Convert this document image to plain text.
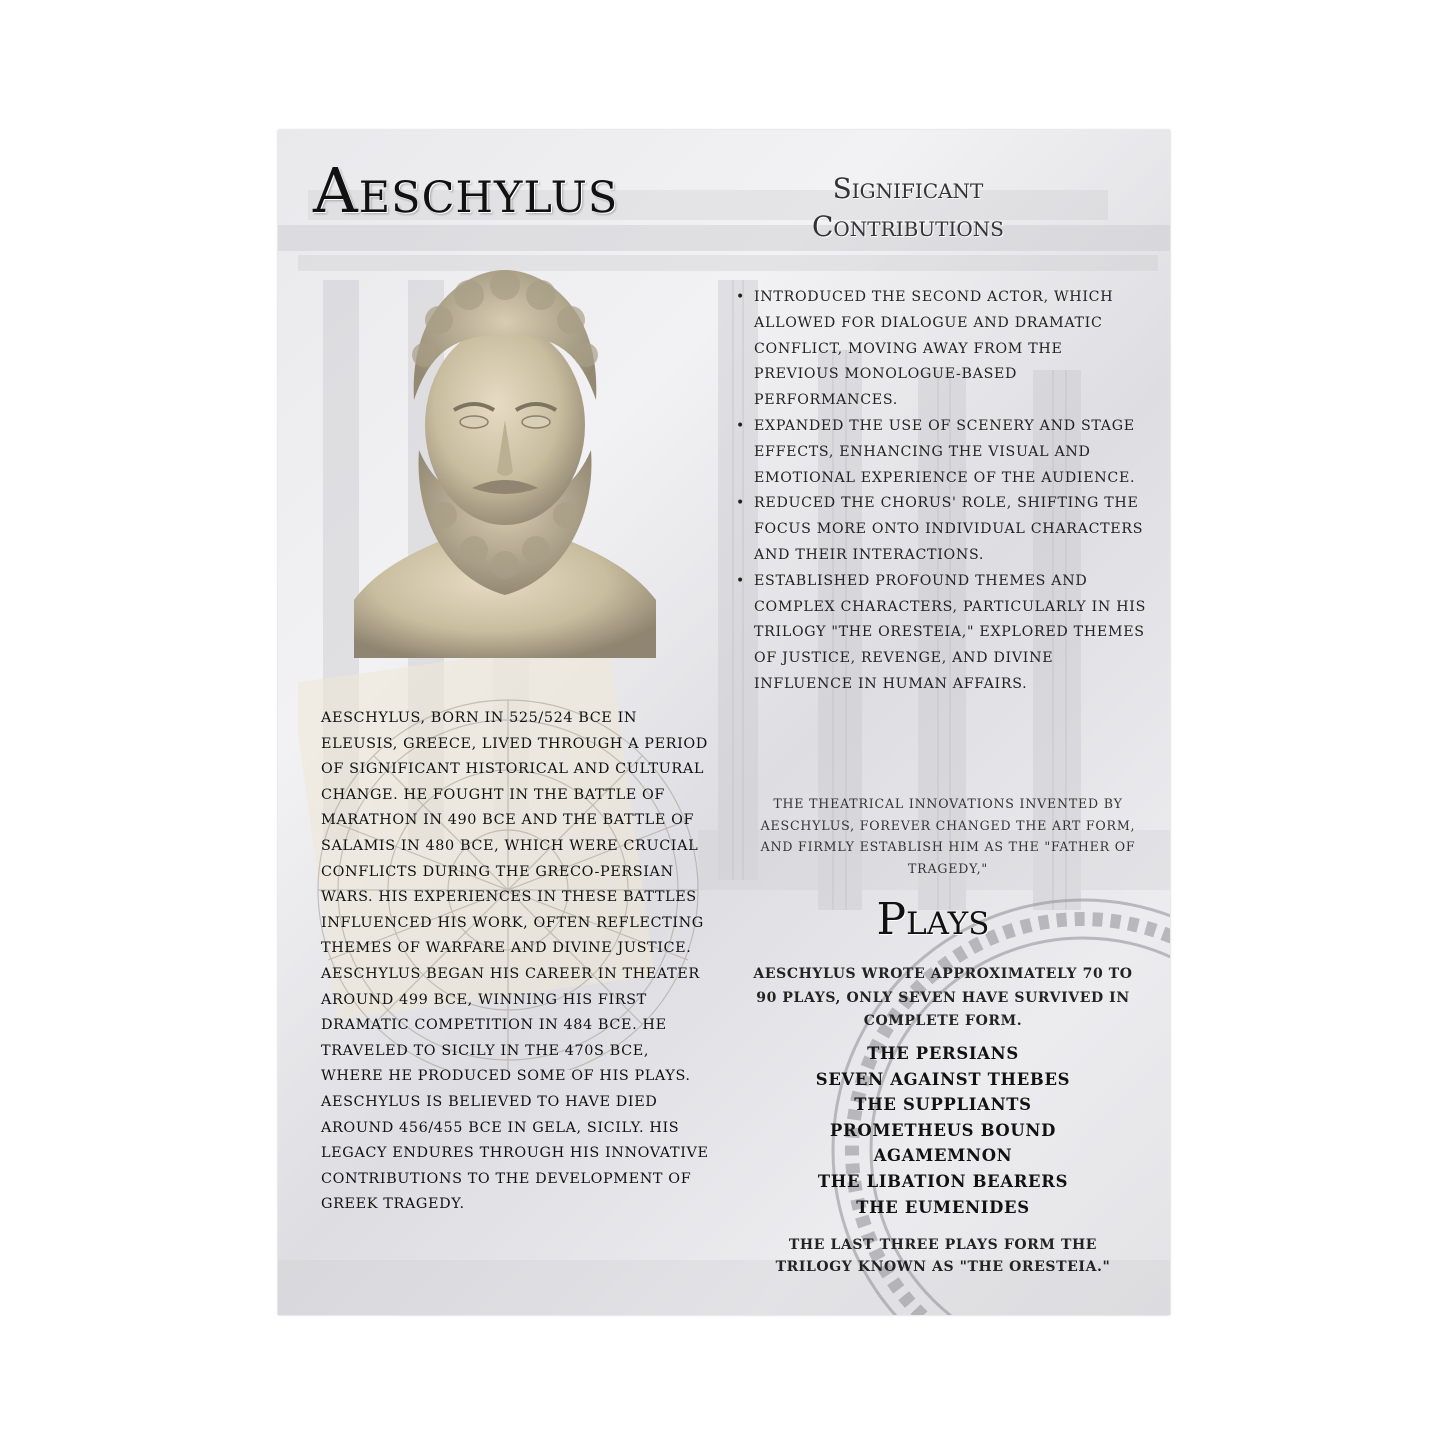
Aeschylus

AESCHYLUS, BORN IN 525/524 BCE IN ELEUSIS, GREECE, LIVED THROUGH A PERIOD OF SIGNIFICANT HISTORICAL AND CULTURAL CHANGE. HE FOUGHT IN THE BATTLE OF MARATHON IN 490 BCE AND THE BATTLE OF SALAMIS IN 480 BCE, WHICH WERE CRUCIAL CONFLICTS DURING THE GRECO-PERSIAN WARS. HIS EXPERIENCES IN THESE BATTLES INFLUENCED HIS WORK, OFTEN REFLECTING THEMES OF WARFARE AND DIVINE JUSTICE. AESCHYLUS BEGAN HIS CAREER IN THEATER AROUND 499 BCE, WINNING HIS FIRST DRAMATIC COMPETITION IN 484 BCE. HE TRAVELED TO SICILY IN THE 470S BCE, WHERE HE PRODUCED SOME OF HIS PLAYS. AESCHYLUS IS BELIEVED TO HAVE DIED AROUND 456/455 BCE IN GELA, SICILY. HIS LEGACY ENDURES THROUGH HIS INNOVATIVE CONTRIBUTIONS TO THE DEVELOPMENT OF GREEK TRAGEDY.

Significant
Contributions
• INTRODUCED THE SECOND ACTOR, WHICH ALLOWED FOR DIALOGUE AND DRAMATIC CONFLICT, MOVING AWAY FROM THE PREVIOUS MONOLOGUE-BASED PERFORMANCES.
• EXPANDED THE USE OF SCENERY AND STAGE EFFECTS, ENHANCING THE VISUAL AND EMOTIONAL EXPERIENCE OF THE AUDIENCE.
• REDUCED THE CHORUS' ROLE, SHIFTING THE FOCUS MORE ONTO INDIVIDUAL CHARACTERS AND THEIR INTERACTIONS.
• ESTABLISHED PROFOUND THEMES AND COMPLEX CHARACTERS, PARTICULARLY IN HIS TRILOGY "THE ORESTEIA," EXPLORED THEMES OF JUSTICE, REVENGE, AND DIVINE INFLUENCE IN HUMAN AFFAIRS.

THE THEATRICAL INNOVATIONS INVENTED BY AESCHYLUS, FOREVER CHANGED THE ART FORM, AND FIRMLY ESTABLISH HIM AS THE "FATHER OF TRAGEDY,"

Plays

AESCHYLUS WROTE APPROXIMATELY 70 TO 90 PLAYS, ONLY SEVEN HAVE SURVIVED IN COMPLETE FORM.

THE PERSIANS
SEVEN AGAINST THEBES
THE SUPPLIANTS
PROMETHEUS BOUND
AGAMEMNON
THE LIBATION BEARERS
THE EUMENIDES

THE LAST THREE PLAYS FORM THE TRILOGY KNOWN AS "THE ORESTEIA."
